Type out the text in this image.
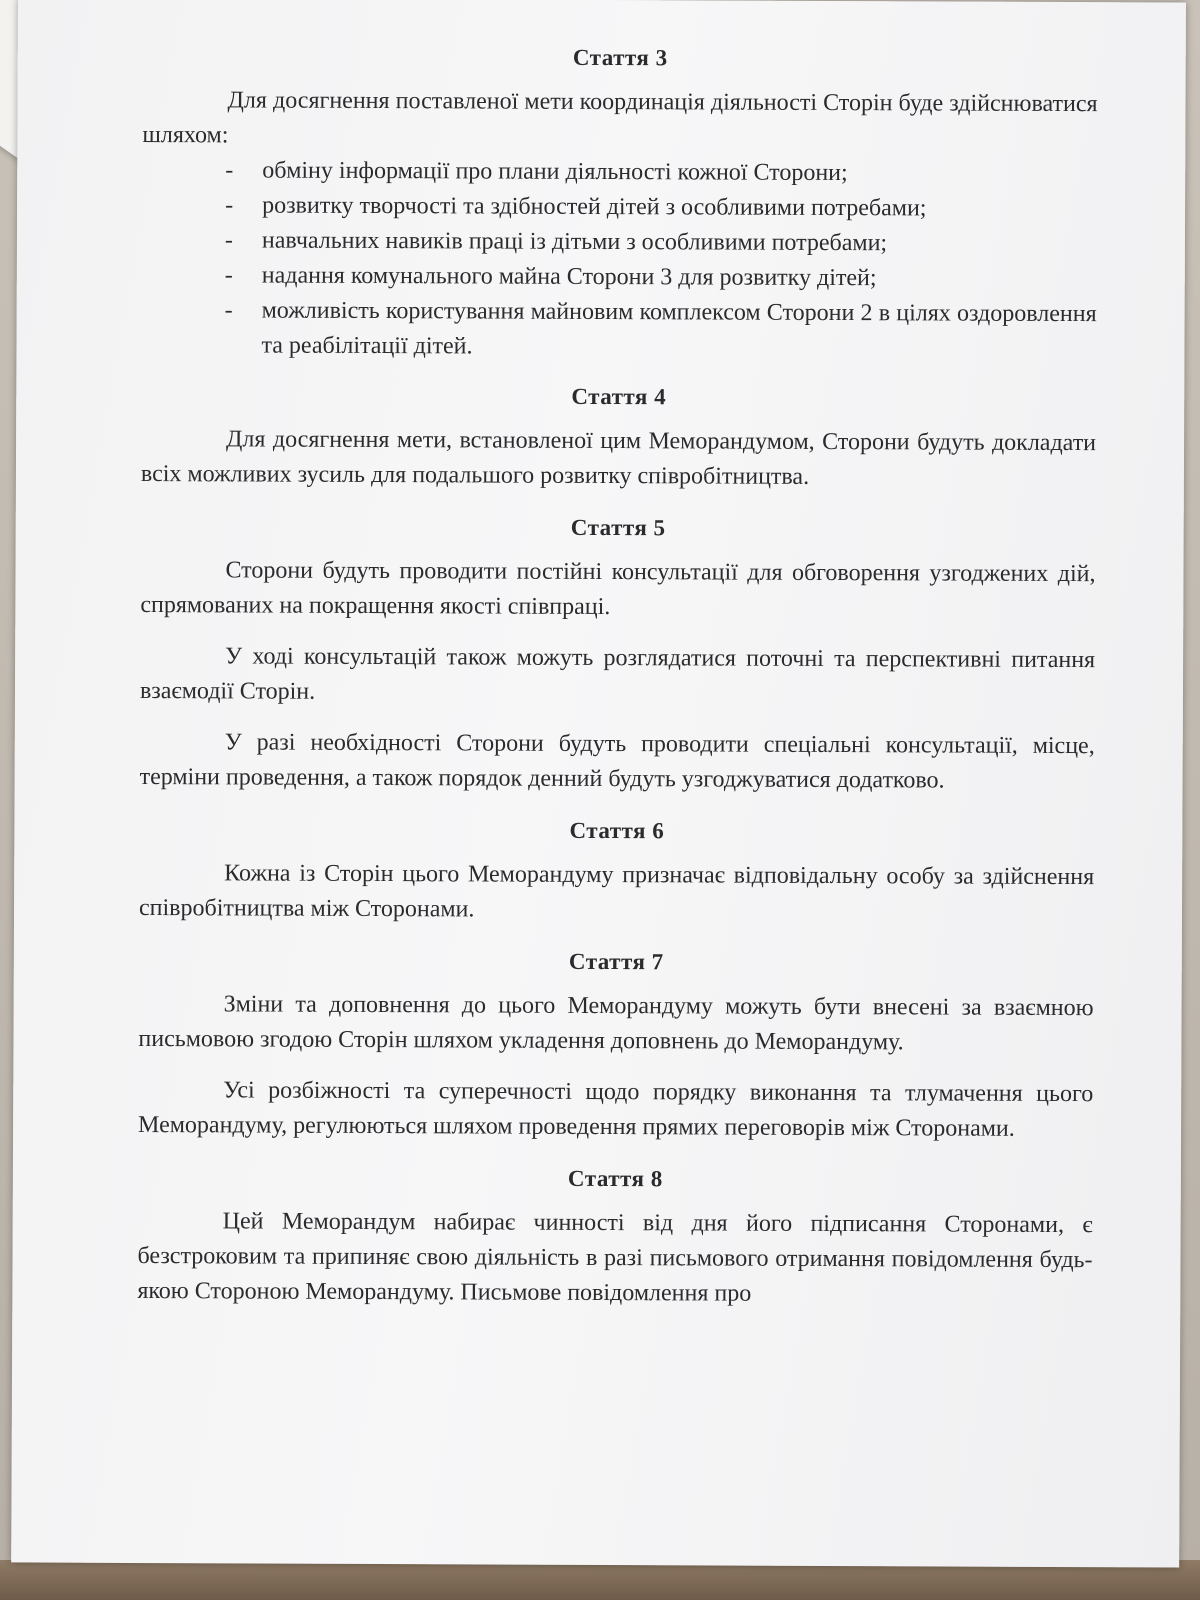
Стаття 3

Для досягнення поставленої мети координація діяльності Сторін буде здійснюватися шляхом:

- обміну інформації про плани діяльності кожної Сторони;
- розвитку творчості та здібностей дітей з особливими потребами;
- навчальних навиків праці із дітьми з особливими потребами;
- надання комунального майна Сторони 3 для розвитку дітей;
- можливість користування майновим комплексом Сторони 2 в цілях оздоровлення та реабілітації дітей.
Стаття 4

Для досягнення мети, встановленої цим Меморандумом, Сторони будуть докладати всіх можливих зусиль для подальшого розвитку співробітництва.

Стаття 5

Сторони будуть проводити постійні консультації для обговорення узгоджених дій, спрямованих на покращення якості співпраці.

У ході консультацій також можуть розглядатися поточні та перспективні питання взаємодії Сторін.

У разі необхідності Сторони будуть проводити спеціальні консультації, місце, терміни проведення, а також порядок денний будуть узгоджуватися додатково.

Стаття 6

Кожна із Сторін цього Меморандуму призначає відповідальну особу за здійснення співробітництва між Сторонами.

Стаття 7

Зміни та доповнення до цього Меморандуму можуть бути внесені за взаємною письмовою згодою Сторін шляхом укладення доповнень до Меморандуму.

Усі розбіжності та суперечності щодо порядку виконання та тлумачення цього Меморандуму, регулюються шляхом проведення прямих переговорів між Сторонами.

Стаття 8

Цей Меморандум набирає чинності від дня його підписання Сторонами, є безстроковим та припиняє свою діяльність в разі письмового отримання повідомлення будь-якою Стороною Меморандуму. Письмове повідомлення про
